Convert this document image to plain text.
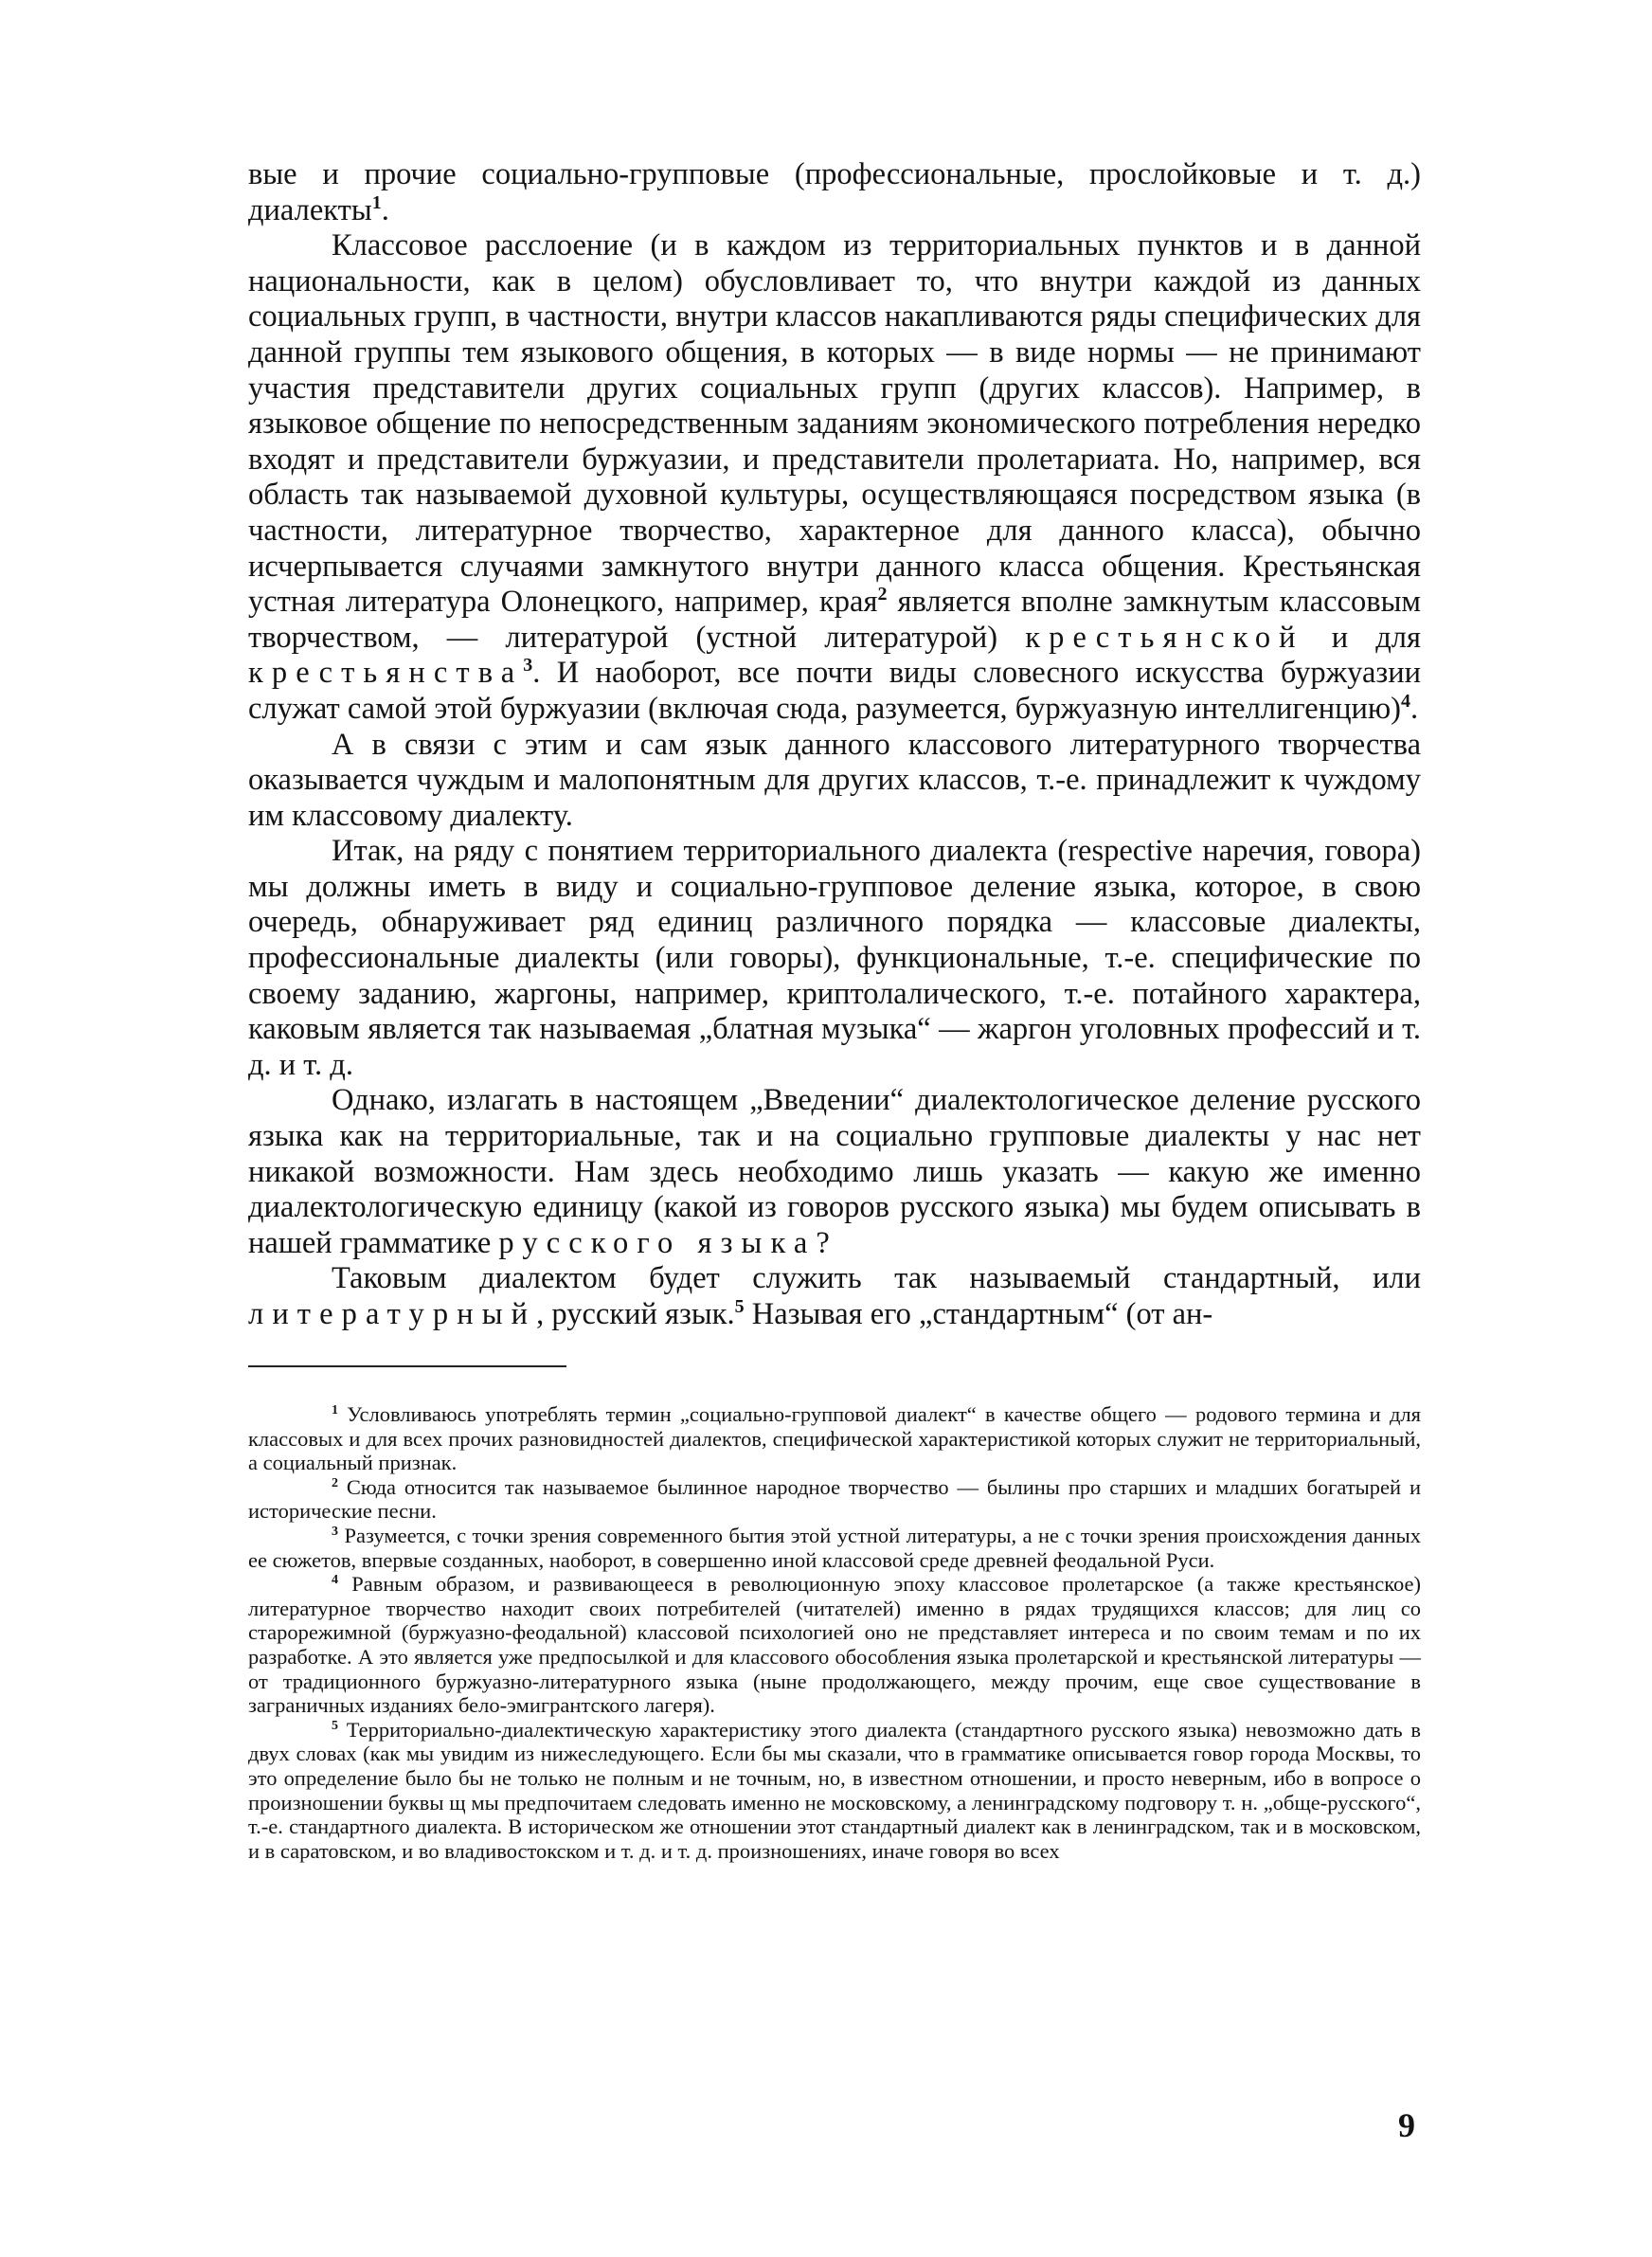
вые и прочие социально-групповые (профессиональные, прослойковые и т. д.) диалекты$^1$.

Классовое расслоение (и в каждом из территориальных пунктов и в данной национальности, как в целом) обусловливает то, что внутри каждой из данных социальных групп, в частности, внутри классов накапливаются ряды специфических для данной группы тем языкового общения, в которых — в виде нормы — не принимают участия представители других социальных групп (других классов). Например, в языковое общение по непосредственным заданиям экономического потребления нередко входят и представители буржуазии, и представители пролетариата. Но, например, вся область так называемой духовной культуры, осуществляющаяся посредством языка (в частности, литературное творчество, характерное для данного класса), обычно исчерпывается случаями замкнутого внутри данного класса общения. Крестьянская устная литература Олонецкого, например, края$^2$ является вполне замкнутым классовым творчеством, — литературой (устной литературой) крестьянской и для крестьянства$^3$. И наоборот, все почти виды словесного искусства буржуазии служат самой этой буржуазии (включая сюда, разумеется, буржуазную интеллигенцию)$^4$.

А в связи с этим и сам язык данного классового литературного творчества оказывается чуждым и малопонятным для других классов, т.-е. принадлежит к чуждому им классовому диалекту.

Итак, на ряду с понятием территориального диалекта (respective наречия, говора) мы должны иметь в виду и социально-групповое деление языка, которое, в свою очередь, обнаруживает ряд единиц различного порядка — классовые диалекты, профессиональные диалекты (или говоры), функциональные, т.-е. специфические по своему заданию, жаргоны, например, криптолалического, т.-е. потайного характера, каковым является так называемая „блатная музыка“ — жаргон уголовных профессий и т. д. и т. д.

Однако, излагать в настоящем „Введении“ диалектологическое деление русского языка как на территориальные, так и на социально групповые диалекты у нас нет никакой возможности. Нам здесь необходимо лишь указать — какую же именно диалектологическую единицу (какой из говоров русского языка) мы будем описывать в нашей грамматике русского языка?

Таковым диалектом будет служить так называемый стандартный, или литературный, русский язык.$^5$ Называя его „стандартным“ (от ан-

$^1$ Условливаюсь употреблять термин „социально-групповой диалект“ в качестве общего — родового термина и для классовых и для всех прочих разновидностей диалектов, специфической характеристикой которых служит не территориальный, а социальный признак.

$^2$ Сюда относится так называемое былинное народное творчество — былины про старших и младших богатырей и исторические песни.

$^3$ Разумеется, с точки зрения современного бытия этой устной литературы, а не с точки зрения происхождения данных ее сюжетов, впервые созданных, наоборот, в совершенно иной классовой среде древней феодальной Руси.

$^4$ Равным образом, и развивающееся в революционную эпоху классовое пролетарское (а также крестьянское) литературное творчество находит своих потребителей (читателей) именно в рядах трудящихся классов; для лиц со старорежимной (буржуазно-феодальной) классовой психологией оно не представляет интереса и по своим темам и по их разработке. А это является уже предпосылкой и для классового обособления языка пролетарской и крестьянской литературы — от традиционного буржуазно-литературного языка (ныне продолжающего, между прочим, еще свое существование в заграничных изданиях бело-эмигрантского лагеря).

$^5$ Территориально-диалектическую характеристику этого диалекта (стандартного русского языка) невозможно дать в двух словах (как мы увидим из нижеследующего. Если бы мы сказали, что в грамматике описывается говор города Москвы, то это определение было бы не только не полным и не точным, но, в известном отношении, и просто неверным, ибо в вопросе о произношении буквы щ мы предпочитаем следовать именно не московскому, а ленинградскому подговору т. н. „обще-русского“, т.-е. стандартного диалекта. В историческом же отношении этот стандартный диалект как в ленинградском, так и в московском, и в саратовском, и во владивостокском и т. д. и т. д. произношениях, иначе говоря во всех

9
